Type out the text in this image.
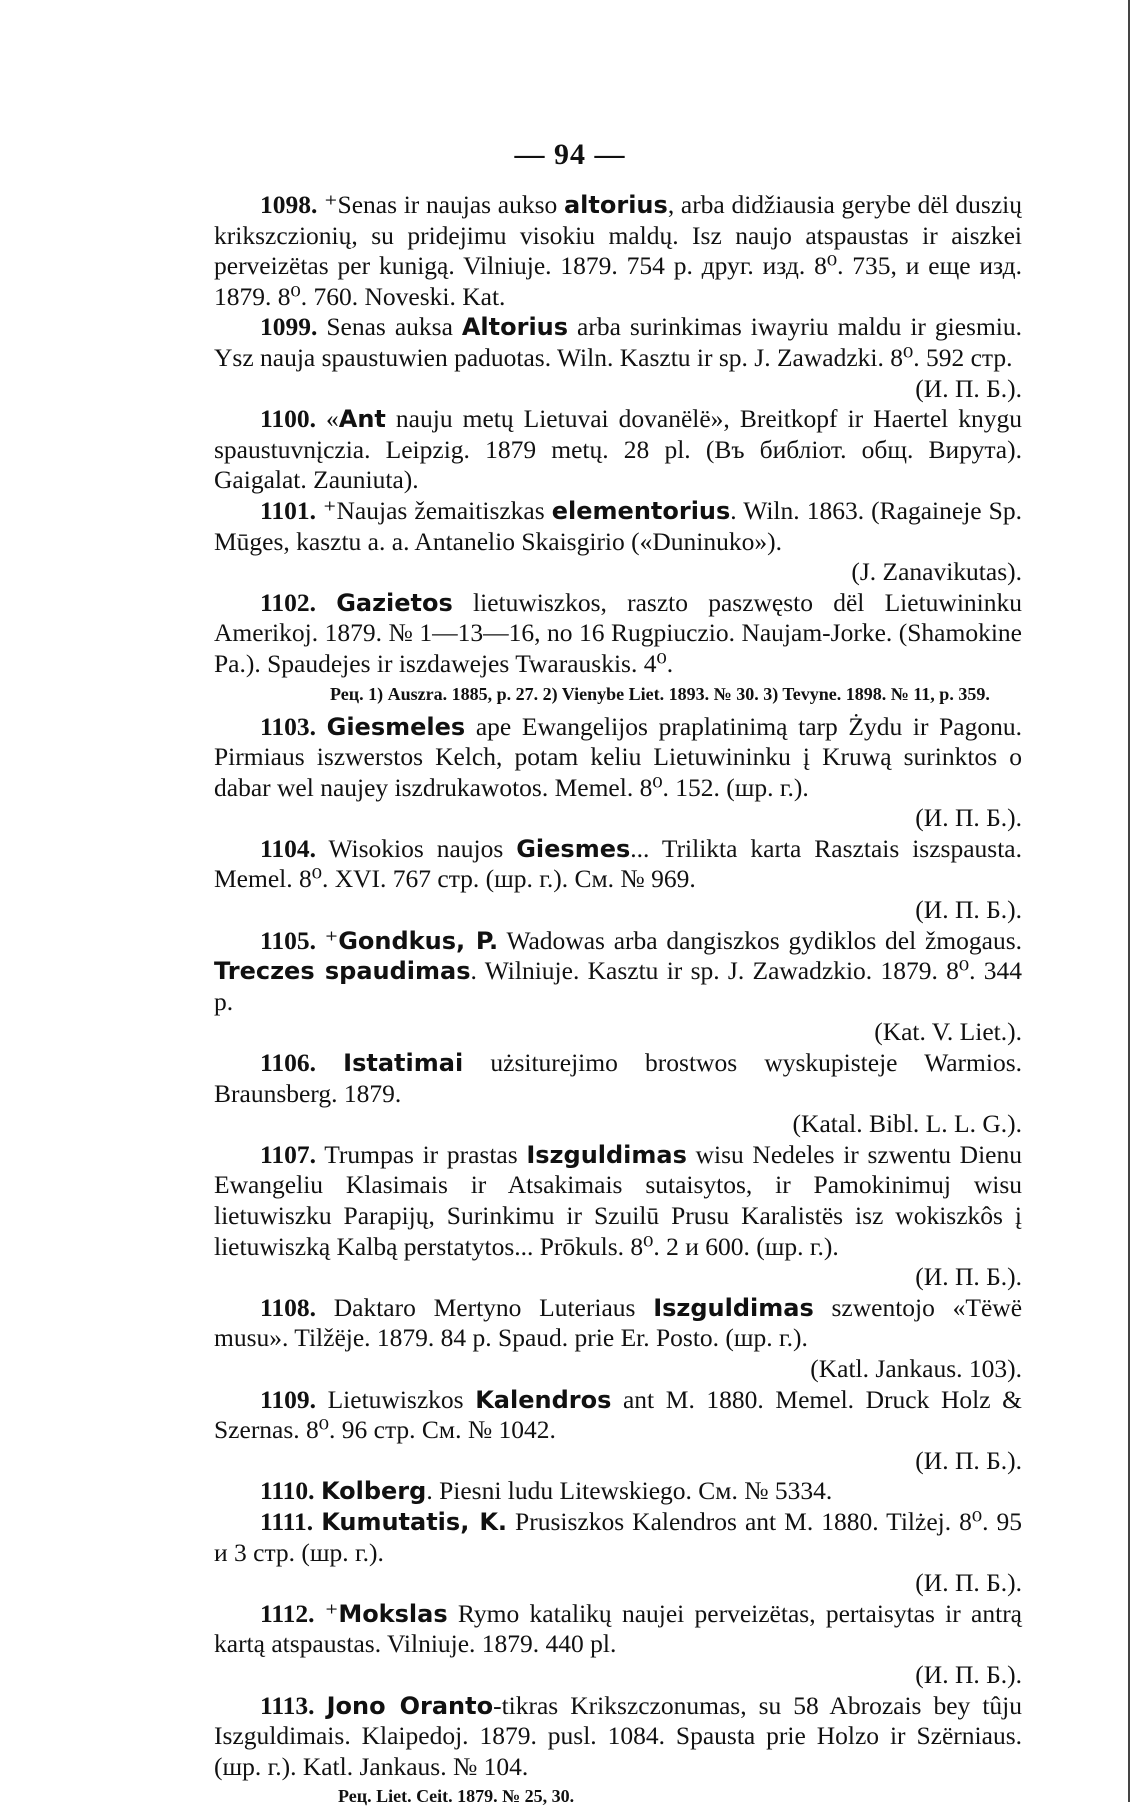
— 94 —

1098. ⁺Senas ir naujas aukso altorius, arba didžiausia gerybe dël duszių krikszczionių, su pridejimu visokiu maldų. Isz naujo atspaustas ir aiszkei perveizëtas per kunigą. Vilniuje. 1879. 754 p. друг. изд. 8⁰. 735, и еще изд. 1879. 8⁰. 760. Noveski. Kat.

1099. Senas auksa Altorius arba surinkimas iwayriu maldu ir giesmiu. Ysz nauja spaustuwien paduotas. Wiln. Kasztu ir sp. J. Zawadzki. 8⁰. 592 стр.
(И. П. Б.).

1100. «Ant nauju metų Lietuvai dovanëlë», Breitkopf ir Haertel knygu spaustuvnįczia. Leipzig. 1879 metų. 28 pl. (Въ библiот. общ. Вирута). Gaigalat. Zauniuta).

1101. ⁺Naujas žemaitiszkas elementorius. Wiln. 1863. (Ragaineje Sp. Mūges, kasztu a. a. Antanelio Skaisgirio («Duninuko»).
(J. Zanavikutas).

1102. Gazietos lietuwiszkos, raszto paszwęsto dël Lietuwininku Amerikoj. 1879. № 1—13—16, no 16 Rugpiuczio. Naujam-Jorke. (Shamokine Pa.). Spaudejes ir iszdawejes Twarauskis. 4⁰.

Рец. 1) Auszra. 1885, p. 27. 2) Vienybe Liet. 1893. № 30. 3) Tevyne. 1898. № 11, p. 359.

1103. Giesmeles ape Ewangelijos praplatinimą tarp Żydu ir Pagonu. Pirmiaus iszwerstos Kelch, potam keliu Lietuwininku į Kruwą surinktos o dabar wel naujey iszdrukawotos. Memel. 8⁰. 152. (шр. г.).
(И. П. Б.).

1104. Wisokios naujos Giesmes... Trilikta karta Rasztais iszspausta. Memel. 8⁰. XVI. 767 стр. (шр. г.). См. № 969.
(И. П. Б.).

1105. ⁺Gondkus, P. Wadowas arba dangiszkos gydiklos del žmogaus. Treczes spaudimas. Wilniuje. Kasztu ir sp. J. Zawadzkio. 1879. 8⁰. 344 p.
(Kat. V. Liet.).

1106. Istatimai użsiturejimo brostwos wyskupisteje Warmios. Braunsberg. 1879.
(Katal. Bibl. L. L. G.).

1107. Trumpas ir prastas Iszguldimas wisu Nedeles ir szwentu Dienu Ewangeliu Klasimais ir Atsakimais sutaisytos, ir Pamokinimuj wisu lietuwiszku Parapijų, Surinkimu ir Szuilū Prusu Karalistës isz wokiszkôs į lietuwiszką Kalbą perstatytos... Prōkuls. 8⁰. 2 и 600. (шр. г.).
(И. П. Б.).

1108. Daktaro Mertyno Luteriaus Iszguldimas szwentojo «Tëwë musu». Tilžëje. 1879. 84 p. Spaud. prie Er. Posto. (шр. г.).
(Katl. Jankaus. 103).

1109. Lietuwiszkos Kalendros ant M. 1880. Memel. Druck Holz & Szernas. 8⁰. 96 стр. См. № 1042.
(И. П. Б.).

1110. Kolberg. Piesni ludu Litewskiego. См. № 5334.

1111. Kumutatis, K. Prusiszkos Kalendros ant M. 1880. Tilżej. 8⁰. 95 и 3 стр. (шр. г.).
(И. П. Б.).

1112. ⁺Mokslas Rymo katalikų naujei perveizëtas, pertaisytas ir antrą kartą atspaustas. Vilniuje. 1879. 440 pl.
(И. П. Б.).

1113. Jono Oranto-tikras Krikszczonumas, su 58 Abrozais bey tûju Iszguldimais. Klaipedoj. 1879. pusl. 1084. Spausta prie Holzo ir Szërniaus. (шр. г.). Katl. Jankaus. № 104.

Рец. Liet. Ceit. 1879. № 25, 30.
